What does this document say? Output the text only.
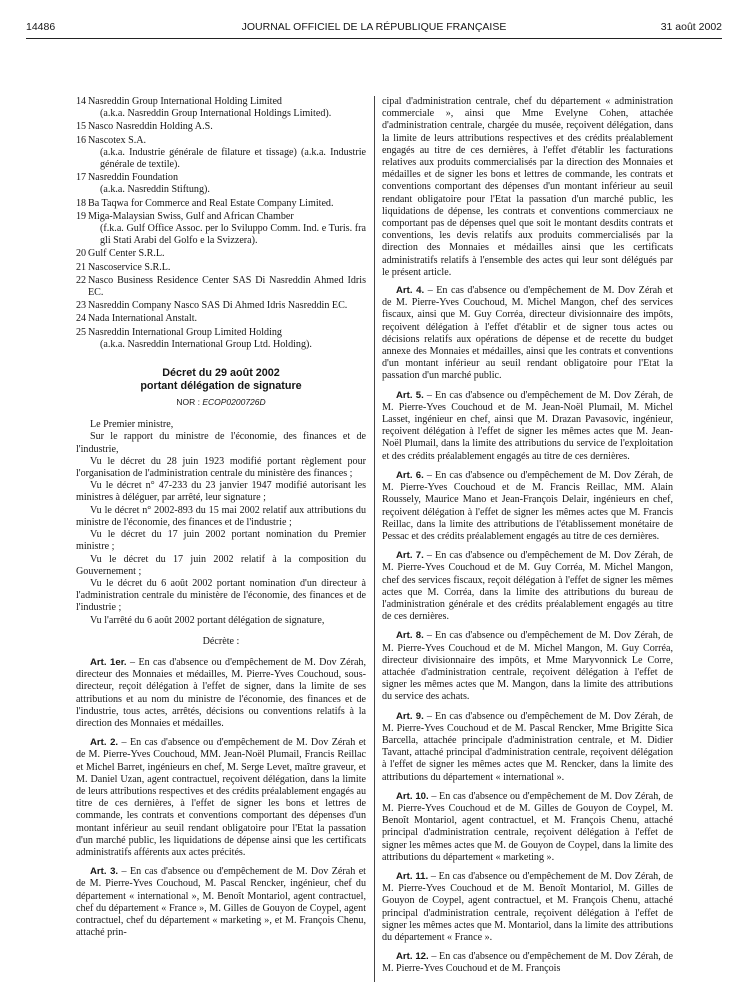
14486	JOURNAL OFFICIEL DE LA RÉPUBLIQUE FRANÇAISE	31 août 2002
14 Nasreddin Group International Holding Limited
(a.k.a. Nasreddin Group International Holdings Limited).
15 Nasco Nasreddin Holding A.S.
16 Nascotex S.A.
(a.k.a. Industrie générale de filature et tissage) (a.k.a. Industrie générale de textile).
17 Nasreddin Foundation
(a.k.a. Nasreddin Stiftung).
18 Ba Taqwa for Commerce and Real Estate Company Limited.
19 Miga-Malaysian Swiss, Gulf and African Chamber
(f.k.a. Gulf Office Assoc. per lo Sviluppo Comm. Ind. e Turis. fra gli Stati Arabi del Golfo e la Svizzera).
20 Gulf Center S.R.L.
21 Nascoservice S.R.L.
22 Nasco Business Residence Center SAS Di Nasreddin Ahmed Idris EC.
23 Nasreddin Company Nasco SAS Di Ahmed Idris Nasreddin EC.
24 Nada International Anstalt.
25 Nasreddin International Group Limited Holding
(a.k.a. Nasreddin International Group Ltd. Holding).
Décret du 29 août 2002
portant délégation de signature
NOR : ECOP0200726D

Le Premier ministre,

Sur le rapport du ministre de l'économie, des finances et de l'industrie,

Vu le décret du 28 juin 1923 modifié portant règlement pour l'organisation de l'administration centrale du ministère des finances ;

Vu le décret n° 47-233 du 23 janvier 1947 modifié autorisant les ministres à déléguer, par arrêté, leur signature ;

Vu le décret n° 2002-893 du 15 mai 2002 relatif aux attributions du ministre de l'économie, des finances et de l'industrie ;

Vu le décret du 17 juin 2002 portant nomination du Premier ministre ;

Vu le décret du 17 juin 2002 relatif à la composition du Gouvernement ;

Vu le décret du 6 août 2002 portant nomination d'un directeur à l'administration centrale du ministère de l'économie, des finances et de l'industrie ;

Vu l'arrêté du 6 août 2002 portant délégation de signature,

Décrète :

Art. 1er. – En cas d'absence ou d'empêchement de M. Dov Zérah, directeur des Monnaies et médailles, M. Pierre-Yves Couchoud, sous-directeur, reçoit délégation à l'effet de signer, dans la limite de ses attributions et au nom du ministre de l'économie, des finances et de l'industrie, tous actes, arrêtés, décisions ou conventions relatifs à la direction des Monnaies et médailles.

Art. 2. – En cas d'absence ou d'empêchement de M. Dov Zérah et de M. Pierre-Yves Couchoud, MM. Jean-Noël Plumail, Francis Reillac et Michel Barret, ingénieurs en chef, M. Serge Levet, maître graveur, et M. Daniel Uzan, agent contractuel, reçoivent délégation, dans la limite de leurs attributions respectives et des crédits préalablement engagés au titre de ces dernières, à l'effet de signer les bons et lettres de commande, les contrats et conventions comportant des dépenses d'un montant inférieur au seuil rendant obligatoire pour l'Etat la passation d'un marché public, les liquidations de dépense ainsi que les certificats administratifs afférents aux actes précités.

Art. 3. – En cas d'absence ou d'empêchement de M. Dov Zérah et de M. Pierre-Yves Couchoud, M. Pascal Rencker, ingénieur, chef du département « international », M. Benoît Montariol, agent contractuel, chef du département « France », M. Gilles de Gouyon de Coypel, agent contractuel, chef du département « marketing », et M. François Chenu, attaché prin-

cipal d'administration centrale, chef du département « administration commerciale », ainsi que Mme Evelyne Cohen, attachée d'administration centrale, chargée du musée, reçoivent délégation, dans la limite de leurs attributions respectives et des crédits préalablement engagés au titre de ces dernières, à l'effet d'établir les facturations relatives aux produits commercialisés par la direction des Monnaies et médailles et de signer les bons et lettres de commande, les contrats et conventions comportant des dépenses d'un montant inférieur au seuil rendant obligatoire pour l'Etat la passation d'un marché public, les liquidations de dépense, les contrats et conventions commerciaux ne comportant pas de dépenses quel que soit le montant desdits contrats et conventions, les devis relatifs aux produits commercialisés par la direction des Monnaies et médailles ainsi que les certificats administratifs relatifs à l'ensemble des actes qui leur sont délégués par le présent article.

Art. 4. – En cas d'absence ou d'empêchement de M. Dov Zérah et de M. Pierre-Yves Couchoud, M. Michel Mangon, chef des services fiscaux, ainsi que M. Guy Corréa, directeur divisionnaire des impôts, reçoivent délégation à l'effet d'établir et de signer tous actes ou décisions relatifs aux opérations de dépense et de recette du budget annexe des Monnaies et médailles, ainsi que les contrats et conventions d'un montant inférieur au seuil rendant obligatoire pour l'Etat la passation d'un marché public.

Art. 5. – En cas d'absence ou d'empêchement de M. Dov Zérah, de M. Pierre-Yves Couchoud et de M. Jean-Noël Plumail, M. Michel Lasset, ingénieur en chef, ainsi que M. Drazan Pavasovic, ingénieur, reçoivent délégation à l'effet de signer les mêmes actes que M. Jean-Noël Plumail, dans la limite des attributions du service de l'exploitation et des crédits préalablement engagés au titre de ces dernières.

Art. 6. – En cas d'absence ou d'empêchement de M. Dov Zérah, de M. Pierre-Yves Couchoud et de M. Francis Reillac, MM. Alain Roussely, Maurice Mano et Jean-François Delair, ingénieurs en chef, reçoivent délégation à l'effet de signer les mêmes actes que M. Francis Reillac, dans la limite des attributions de l'établissement monétaire de Pessac et des crédits préalablement engagés au titre de ces dernières.

Art. 7. – En cas d'absence ou d'empêchement de M. Dov Zérah, de M. Pierre-Yves Couchoud et de M. Guy Corréa, M. Michel Mangon, chef des services fiscaux, reçoit délégation à l'effet de signer les mêmes actes que M. Corréa, dans la limite des attributions du bureau de l'administration générale et des crédits préalablement engagés au titre de ces dernières.

Art. 8. – En cas d'absence ou d'empêchement de M. Dov Zérah, de M. Pierre-Yves Couchoud et de M. Michel Mangon, M. Guy Corréa, directeur divisionnaire des impôts, et Mme Maryvonnick Le Corre, attachée d'administration centrale, reçoivent délégation à l'effet de signer les mêmes actes que M. Mangon, dans la limite des attributions du service des achats.

Art. 9. – En cas d'absence ou d'empêchement de M. Dov Zérah, de M. Pierre-Yves Couchoud et de M. Pascal Rencker, Mme Brigitte Sica Barcella, attachée principale d'administration centrale, et M. Didier Tavant, attaché principal d'administration centrale, reçoivent délégation à l'effet de signer les mêmes actes que M. Rencker, dans la limite des attributions du département « international ».

Art. 10. – En cas d'absence ou d'empêchement de M. Dov Zérah, de M. Pierre-Yves Couchoud et de M. Gilles de Gouyon de Coypel, M. Benoît Montariol, agent contractuel, et M. François Chenu, attaché principal d'administration centrale, reçoivent délégation à l'effet de signer les mêmes actes que M. de Gouyon de Coypel, dans la limite des attributions du département « marketing ».

Art. 11. – En cas d'absence ou d'empêchement de M. Dov Zérah, de M. Pierre-Yves Couchoud et de M. Benoît Montariol, M. Gilles de Gouyon de Coypel, agent contractuel, et M. François Chenu, attaché principal d'administration centrale, reçoivent délégation à l'effet de signer les mêmes actes que M. Montariol, dans la limite des attributions du département « France ».

Art. 12. – En cas d'absence ou d'empêchement de M. Dov Zérah, de M. Pierre-Yves Couchoud et de M. François
